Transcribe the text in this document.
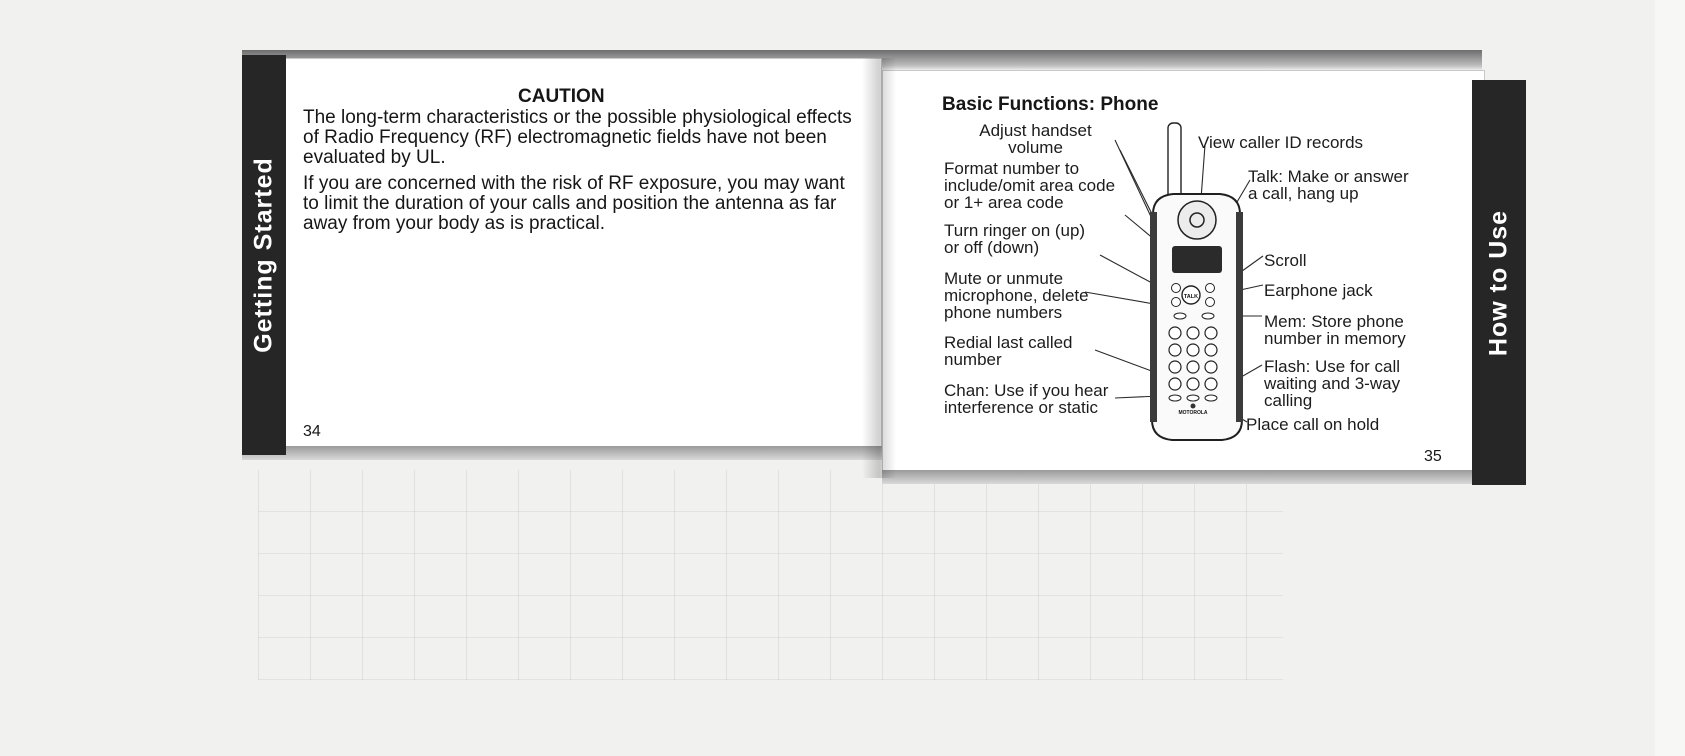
Getting Started	How to Use
CAUTION
The long-term characteristics or the possible physiological effects of Radio Frequency (RF) electromagnetic fields have not been evaluated by UL.
If you are concerned with the risk of RF exposure, you may want to limit the duration of your calls and position the antenna as far away from your body as is practical.
34
Basic Functions: Phone
35
TALK
MOTOROLA
Adjust handset volume
Format number to include/omit area code or 1+ area code
Turn ringer on (up) or off (down)
Mute or unmute microphone, delete phone numbers
Redial last called number
Chan: Use if you hear interference or static
View caller ID records
Talk: Make or answer a call, hang up
Scroll
Earphone jack
Mem: Store phone number in memory
Flash: Use for call waiting and 3-way calling
Place call on hold
